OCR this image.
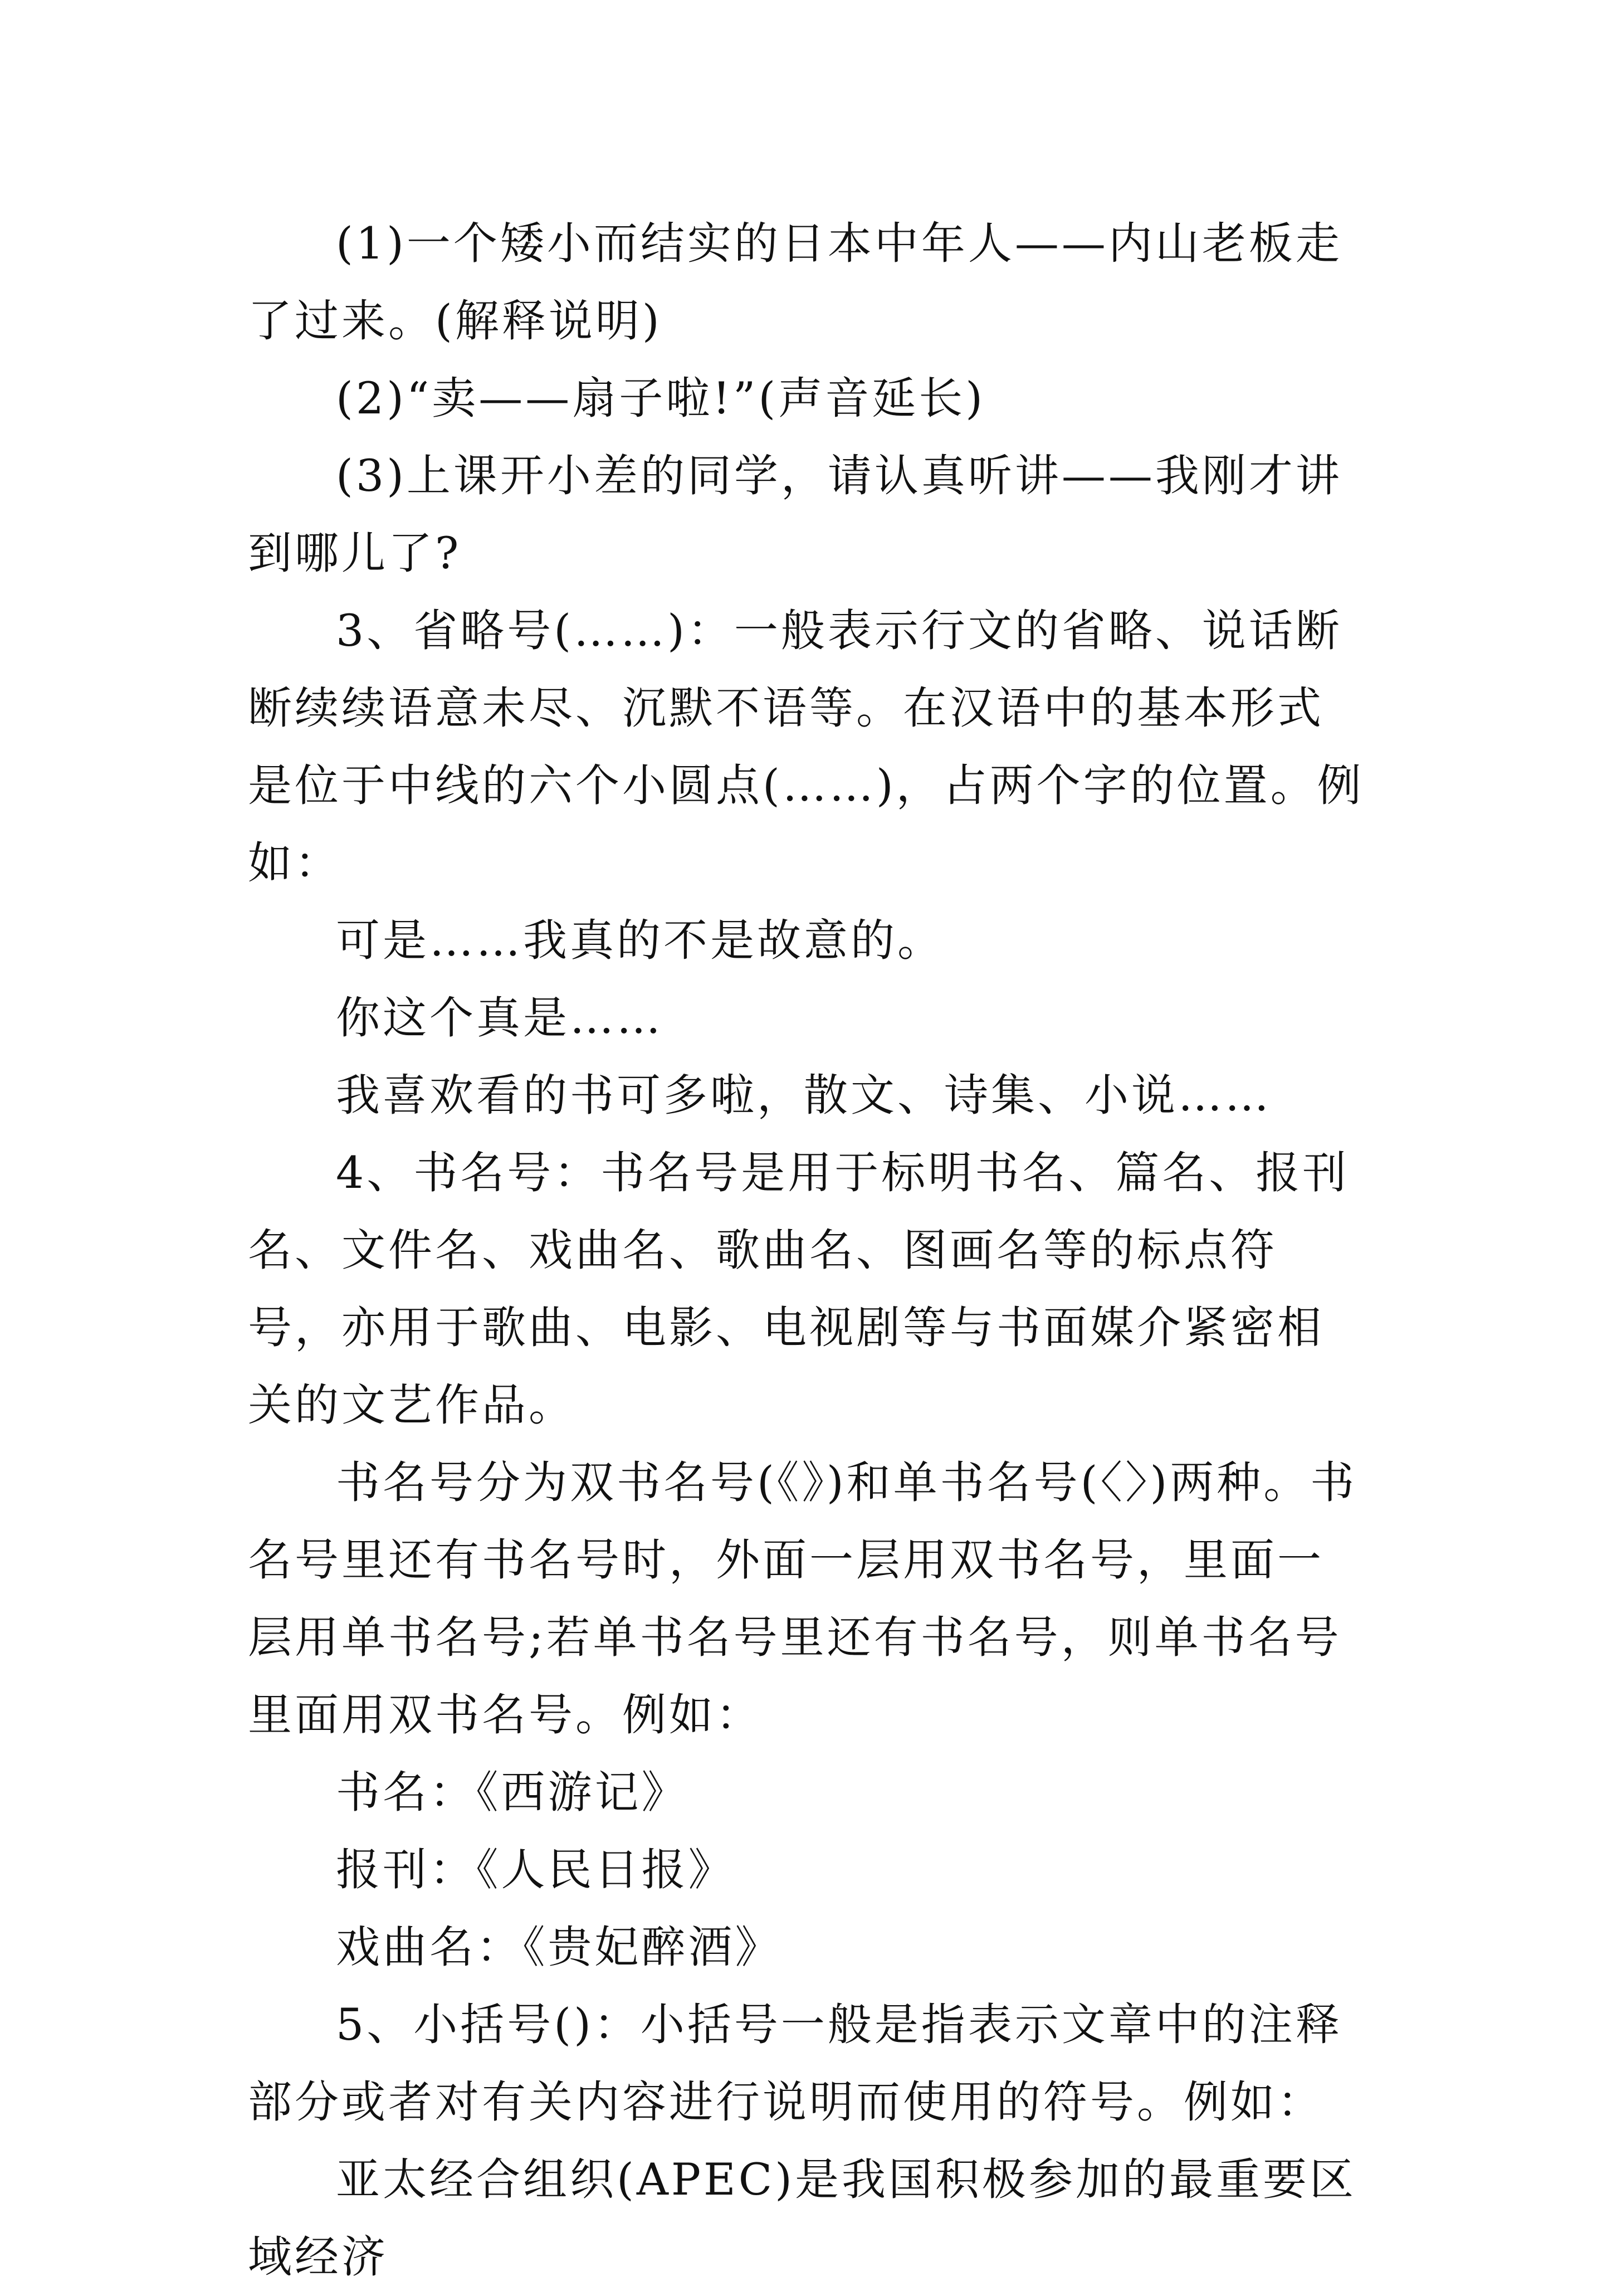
(1)一个矮小而结实的日本中年人——内山老板走了过来。(解释说明)

(2)“卖——扇子啦!”(声音延长)

(3)上课开小差的同学，请认真听讲——我刚才讲到哪儿了?

3、省略号(……)：一般表示行文的省略、说话断断续续语意未尽、沉默不语等。在汉语中的基本形式是位于中线的六个小圆点(……)，占两个字的位置。例如：

可是……我真的不是故意的。

你这个真是……

我喜欢看的书可多啦，散文、诗集、小说……

4、书名号：书名号是用于标明书名、篇名、报刊名、文件名、戏曲名、歌曲名、图画名等的标点符号，亦用于歌曲、电影、电视剧等与书面媒介紧密相关的文艺作品。

书名号分为双书名号(《》)和单书名号(〈〉)两种。书名号里还有书名号时，外面一层用双书名号，里面一层用单书名号;若单书名号里还有书名号，则单书名号里面用双书名号。例如：

书名：《西游记》

报刊：《人民日报》

戏曲名：《贵妃醉酒》

5、小括号()：小括号一般是指表示文章中的注释部分或者对有关内容进行说明而使用的符号。例如：

亚太经合组织(APEC)是我国积极参加的最重要区域经济
